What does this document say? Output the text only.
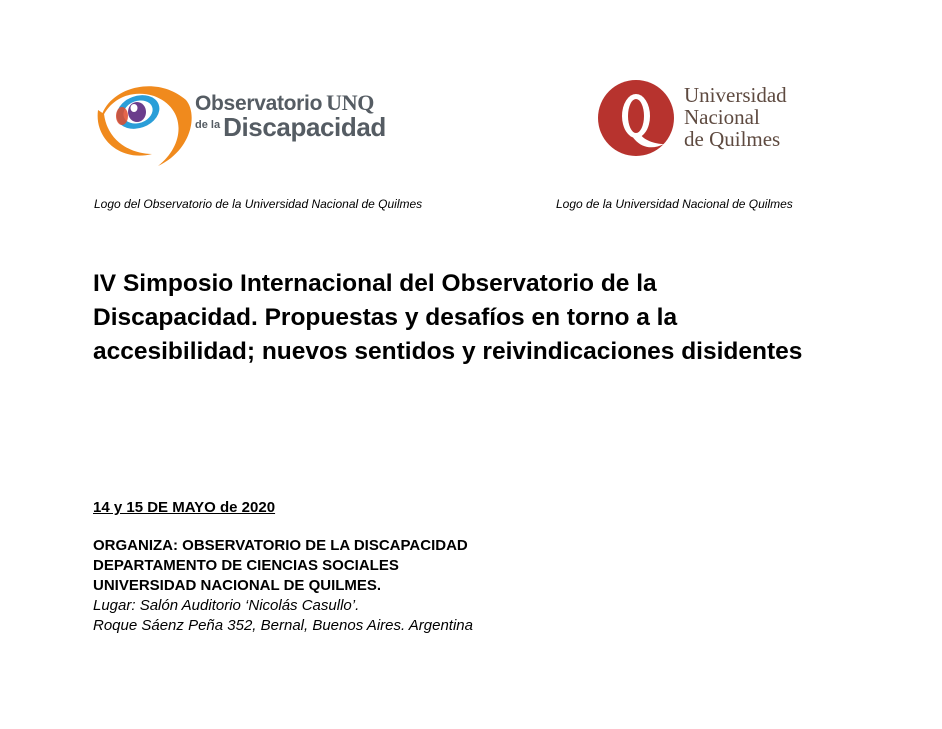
Observatorio UNQ
$^{de la}$ Discapacidad
Universidad
Nacional
de Quilmes
Logo del Observatorio de la Universidad Nacional de Quilmes	Logo de la Universidad Nacional de Quilmes
IV Simposio Internacional del Observatorio de la Discapacidad. Propuestas y desafíos en torno a la accesibilidad; nuevos sentidos y reivindicaciones disidentes
14 y 15 DE MAYO de 2020
ORGANIZA: OBSERVATORIO DE LA DISCAPACIDAD
DEPARTAMENTO DE CIENCIAS SOCIALES
UNIVERSIDAD NACIONAL DE QUILMES.
Lugar: Salón Auditorio ‘Nicolás Casullo’.
Roque Sáenz Peña 352, Bernal, Buenos Aires. Argentina
